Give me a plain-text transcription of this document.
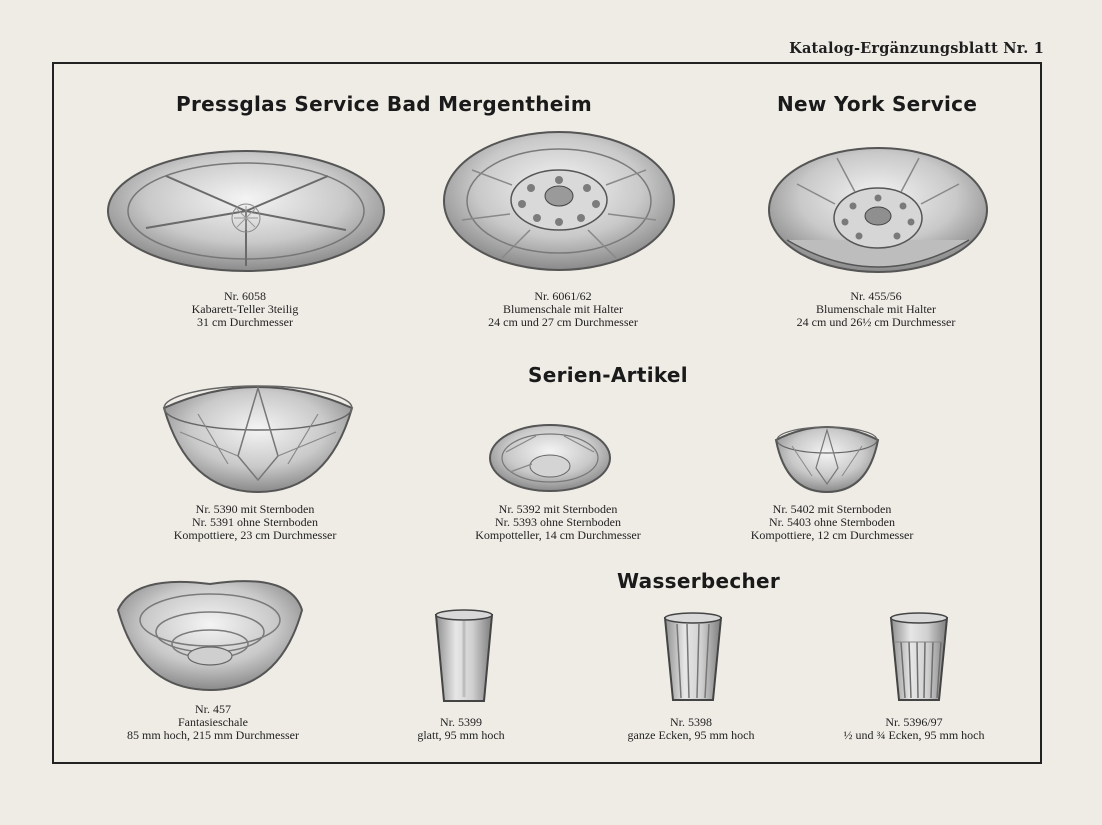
Katalog-Ergänzungsblatt Nr. 1
Pressglas Service Bad Mergentheim	New York Service
Serien-Artikel
Wasserbecher
Nr. 6058
Kabarett-Teller 3teilig
31 cm Durchmesser
Nr. 6061/62
Blumenschale mit Halter
24 cm und 27 cm Durchmesser
Nr. 455/56
Blumenschale mit Halter
24 cm und 26½ cm Durchmesser
Nr. 5390 mit Sternboden
Nr. 5391 ohne Sternboden
Kompottiere, 23 cm Durchmesser
Nr. 5392 mit Sternboden
Nr. 5393 ohne Sternboden
Kompotteller, 14 cm Durchmesser
Nr. 5402 mit Sternboden
Nr. 5403 ohne Sternboden
Kompottiere, 12 cm Durchmesser
Nr. 457
Fantasieschale
85 mm hoch, 215 mm Durchmesser
Nr. 5399
glatt, 95 mm hoch
Nr. 5398
ganze Ecken, 95 mm hoch
Nr. 5396/97
½ und ¾ Ecken, 95 mm hoch
